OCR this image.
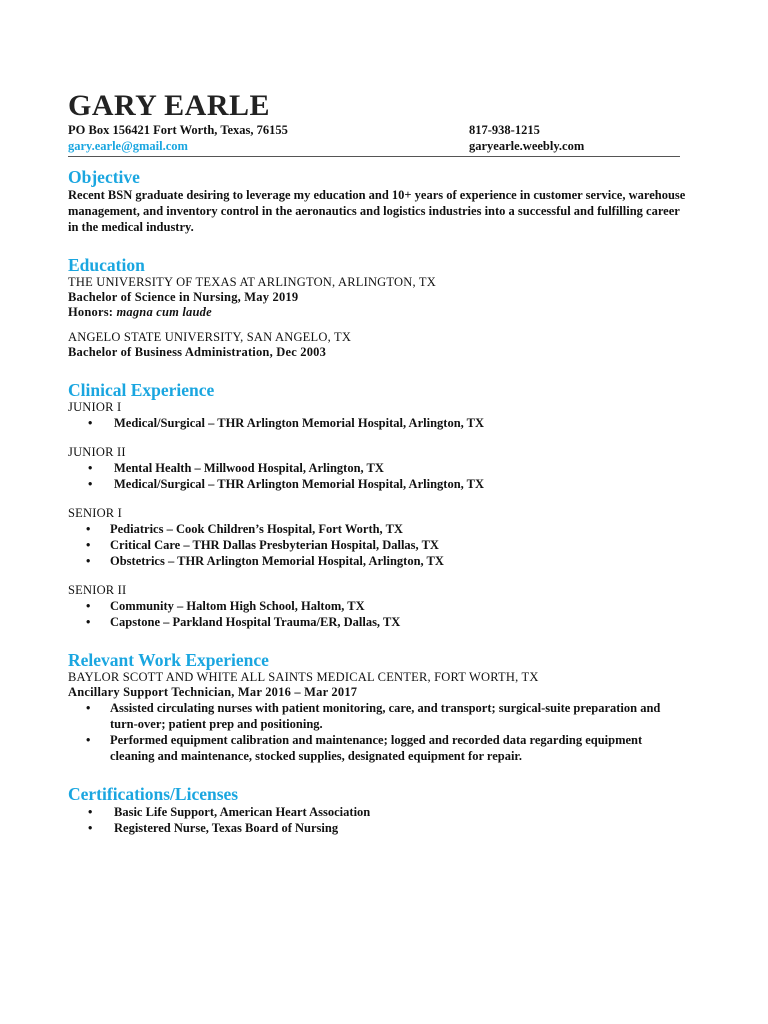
GARY EARLE
PO Box 156421 Fort Worth, Texas, 76155
gary.earle@gmail.com
817-938-1215
garyearle.weebly.com
Objective
Recent BSN graduate desiring to leverage my education and 10+ years of experience in customer service, warehouse management, and inventory control in the aeronautics and logistics industries into a successful and fulfilling career in the medical industry.
Education
THE UNIVERSITY OF TEXAS AT ARLINGTON, ARLINGTON, TX
Bachelor of Science in Nursing, May 2019
Honors: magna cum laude
ANGELO STATE UNIVERSITY, SAN ANGELO, TX
Bachelor of Business Administration, Dec 2003
Clinical Experience
JUNIOR I
• Medical/Surgical – THR Arlington Memorial Hospital, Arlington, TX
JUNIOR II
• Mental Health – Millwood Hospital, Arlington, TX
• Medical/Surgical – THR Arlington Memorial Hospital, Arlington, TX
SENIOR I
• Pediatrics – Cook Children’s Hospital, Fort Worth, TX
• Critical Care – THR Dallas Presbyterian Hospital, Dallas, TX
• Obstetrics – THR Arlington Memorial Hospital, Arlington, TX
SENIOR II
• Community – Haltom High School, Haltom, TX
• Capstone – Parkland Hospital Trauma/ER, Dallas, TX
Relevant Work Experience
BAYLOR SCOTT AND WHITE ALL SAINTS MEDICAL CENTER, FORT WORTH, TX
Ancillary Support Technician, Mar 2016 – Mar 2017
• Assisted circulating nurses with patient monitoring, care, and transport; surgical-suite preparation and turn-over; patient prep and positioning.
• Performed equipment calibration and maintenance; logged and recorded data regarding equipment cleaning and maintenance, stocked supplies, designated equipment for repair.
Certifications/Licenses
• Basic Life Support, American Heart Association
• Registered Nurse, Texas Board of Nursing
